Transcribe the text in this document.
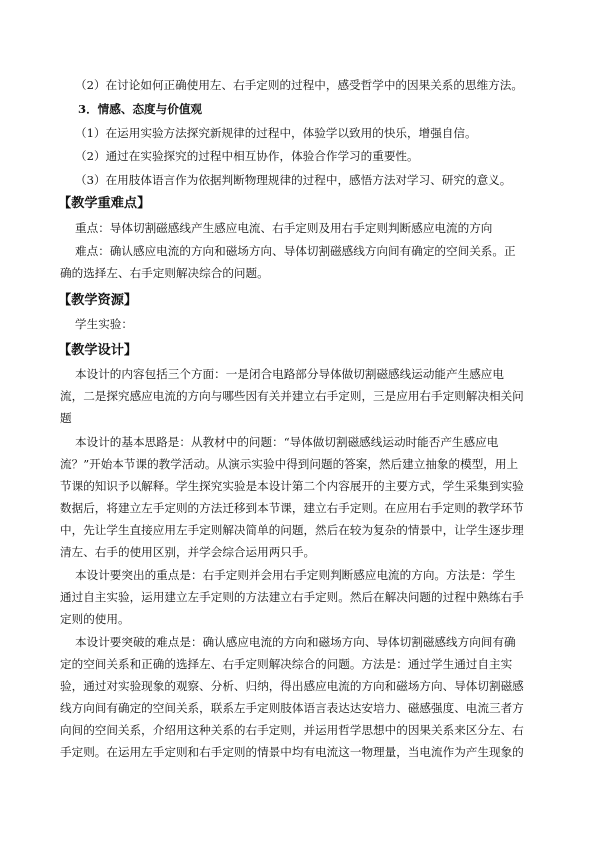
（2）在讨论如何正确使用左、右手定则的过程中，感受哲学中的因果关系的思维方法。
3．情感、态度与价值观
（1）在运用实验方法探究新规律的过程中，体验学以致用的快乐，增强自信。
（2）通过在实验探究的过程中相互协作，体验合作学习的重要性。
（3）在用肢体语言作为依据判断物理规律的过程中，感悟方法对学习、研究的意义。
【教学重难点】
重点：导体切割磁感线产生感应电流、右手定则及用右手定则判断感应电流的方向
难点：确认感应电流的方向和磁场方向、导体切割磁感线方向间有确定的空间关系。正
确的选择左、右手定则解决综合的问题。
【教学资源】
学生实验：
【教学设计】
本设计的内容包括三个方面：一是闭合电路部分导体做切割磁感线运动能产生感应电
流，二是探究感应电流的方向与哪些因有关并建立右手定则，三是应用右手定则解决相关问
题
本设计的基本思路是：从教材中的问题：“导体做切割磁感线运动时能否产生感应电
流？”开始本节课的教学活动。从演示实验中得到问题的答案，然后建立抽象的模型，用上
节课的知识予以解释。学生探究实验是本设计第二个内容展开的主要方式，学生采集到实验
数据后，将建立左手定则的方法迁移到本节课，建立右手定则。在应用右手定则的教学环节
中，先让学生直接应用左手定则解决简单的问题，然后在较为复杂的情景中，让学生逐步理
清左、右手的使用区别，并学会综合运用两只手。
本设计要突出的重点是：右手定则并会用右手定则判断感应电流的方向。方法是：学生
通过自主实验，运用建立左手定则的方法建立右手定则。然后在解决问题的过程中熟练右手
定则的使用。
本设计要突破的难点是：确认感应电流的方向和磁场方向、导体切割磁感线方向间有确
定的空间关系和正确的选择左、右手定则解决综合的问题。方法是：通过学生通过自主实
验，通过对实验现象的观察、分析、归纳，得出感应电流的方向和磁场方向、导体切割磁感
线方向间有确定的空间关系，联系左手定则肢体语言表达达安培力、磁感强度、电流三者方
向间的空间关系，介绍用这种关系的右手定则，并运用哲学思想中的因果关系来区分左、右
手定则。在运用左手定则和右手定则的情景中均有电流这一物理量，当电流作为产生现象的
